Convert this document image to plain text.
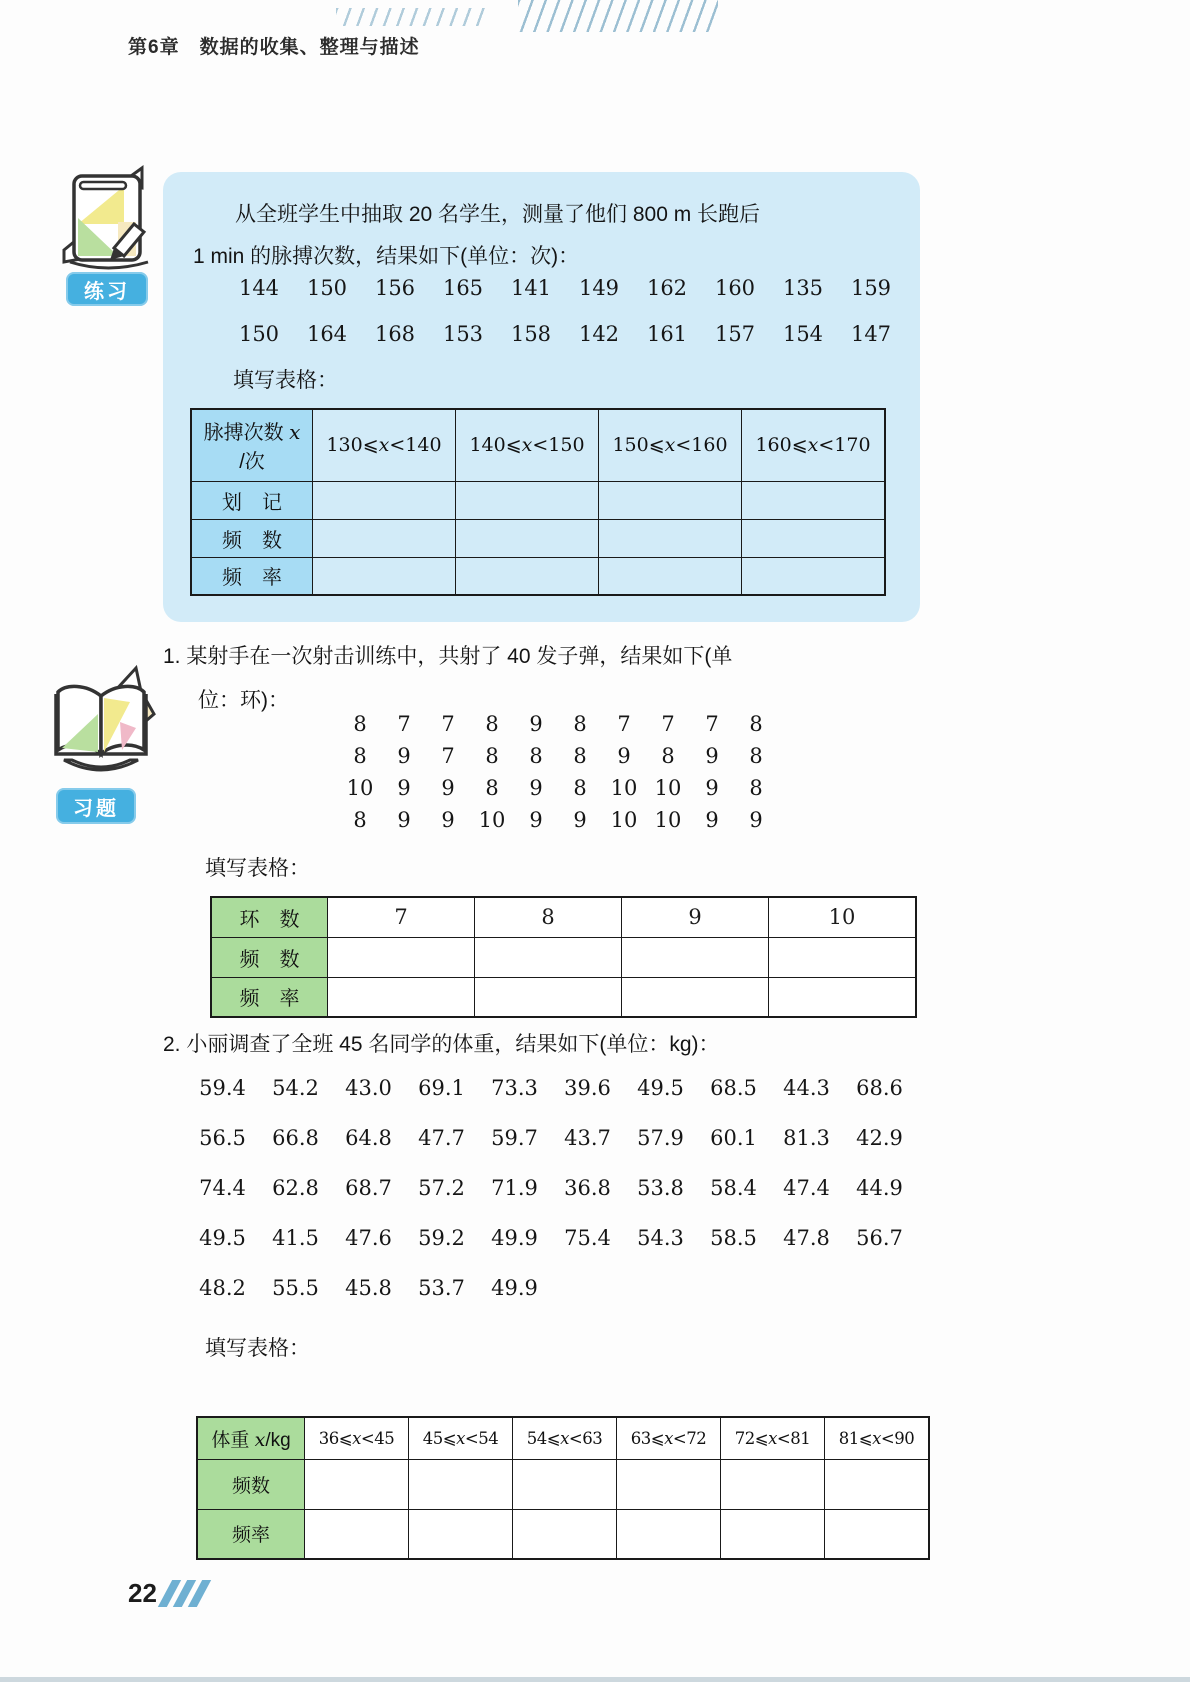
第6章　数据的收集、整理与描述
练习
从全班学生中抽取 20 名学生，测量了他们 800 m 长跑后
1 min 的脉搏次数，结果如下(单位：次)：
144	150	156	165	141	149	162	160	135	159
150	164	168	153	158	142	161	157	154	147
填写表格：
脉搏次数 x
/次	130⩽x<140	140⩽x<150	150⩽x<160	160⩽x<170
划　记				
频　数				
频　率				
习题
1. 某射手在一次射击训练中，共射了 40 发子弹，结果如下(单
位：环)：
8	7	7	8	9	8	7	7	7	8
8	9	7	8	8	8	9	8	9	8
10	9	9	8	9	8	10 10	9	8
8	9	9	10	9	9	10 10	9	9
填写表格：
环　数	7	8	9	10
频　数				
频　率				
2. 小丽调查了全班 45 名同学的体重，结果如下(单位：kg)：
59.4	54.2	43.0	69.1	73.3	39.6	49.5	68.5	44.3	68.6
56.5	66.8	64.8	47.7	59.7	43.7	57.9	60.1	81.3	42.9
74.4	62.8	68.7	57.2	71.9	36.8	53.8	58.4	47.4	44.9
49.5	41.5	47.6	59.2	49.9	75.4	54.3	58.5	47.8	56.7
48.2	55.5	45.8	53.7	49.9
填写表格：
体重 x/kg	36⩽x<45	45⩽x<54	54⩽x<63	63⩽x<72	72⩽x<81	81⩽x<90
频数						
频率						
22
